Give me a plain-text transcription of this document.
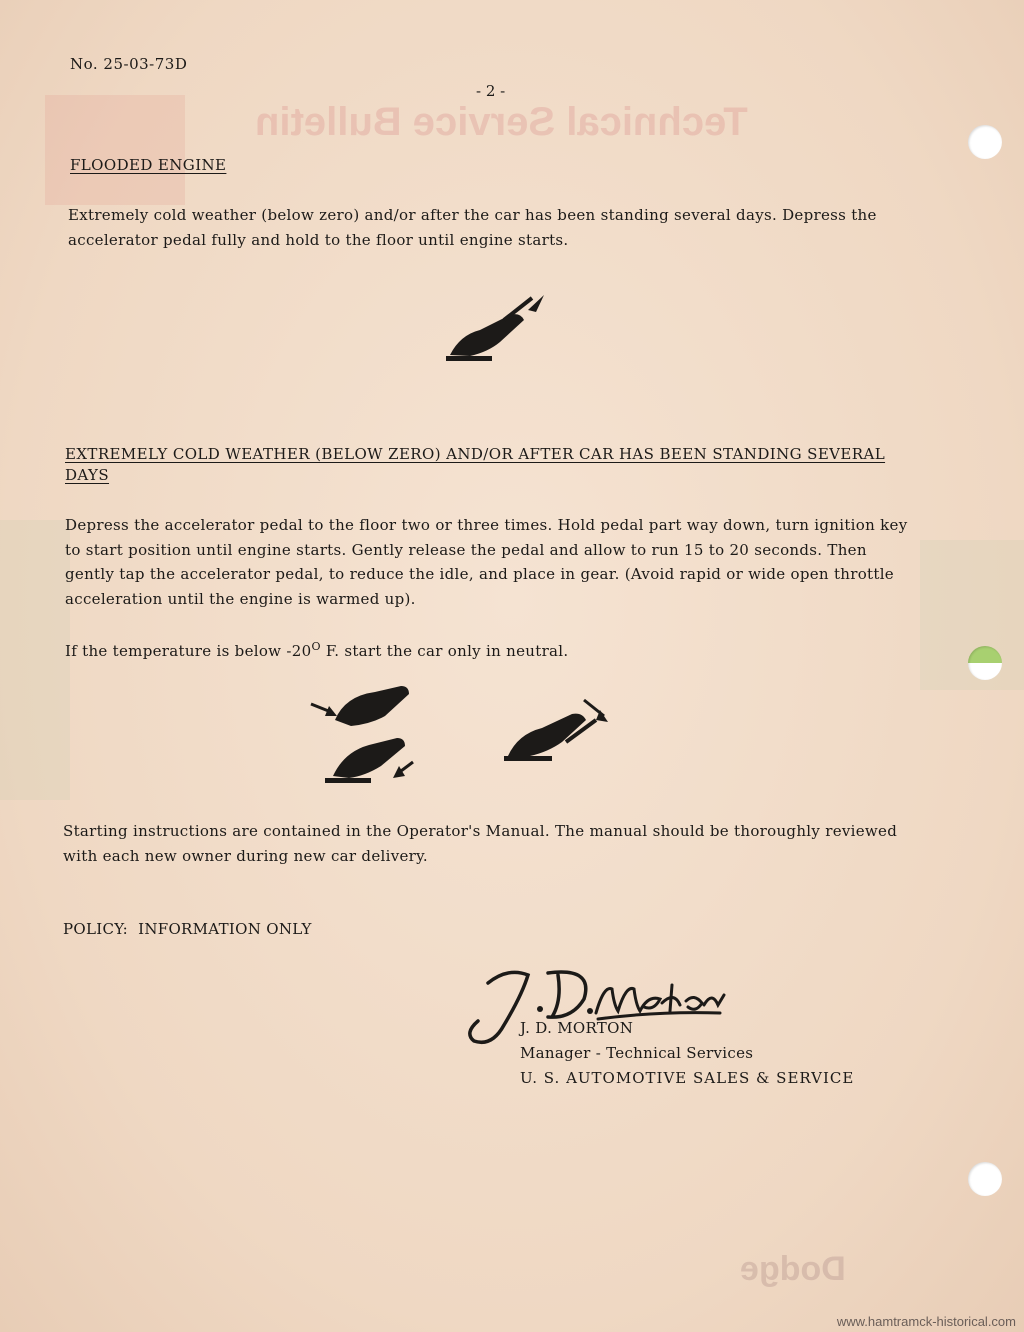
Technical Service Bulletin
Dodge
No. 25-03-73D
- 2 -
FLOODED ENGINE
Extremely cold weather (below zero) and/or after the car has been standing several days. Depress the accelerator pedal fully and hold to the floor until engine starts.
EXTREMELY COLD WEATHER (BELOW ZERO) AND/OR AFTER CAR HAS BEEN STANDING SEVERAL DAYS
Depress the accelerator pedal to the floor two or three times. Hold pedal part way down, turn ignition key to start position until engine starts. Gently release the pedal and allow to run 15 to 20 seconds. Then gently tap the accelerator pedal, to reduce the idle, and place in gear. (Avoid rapid or wide open throttle acceleration until the engine is warmed up).
If the temperature is below $-20^O$ F. start the car only in neutral.
Starting instructions are contained in the Operator's Manual. The manual should be thoroughly reviewed with each new owner during new car delivery.
POLICY:  INFORMATION ONLY
J. D. MORTON
Manager - Technical Services
U. S. AUTOMOTIVE SALES & SERVICE
www.hamtramck-historical.com
